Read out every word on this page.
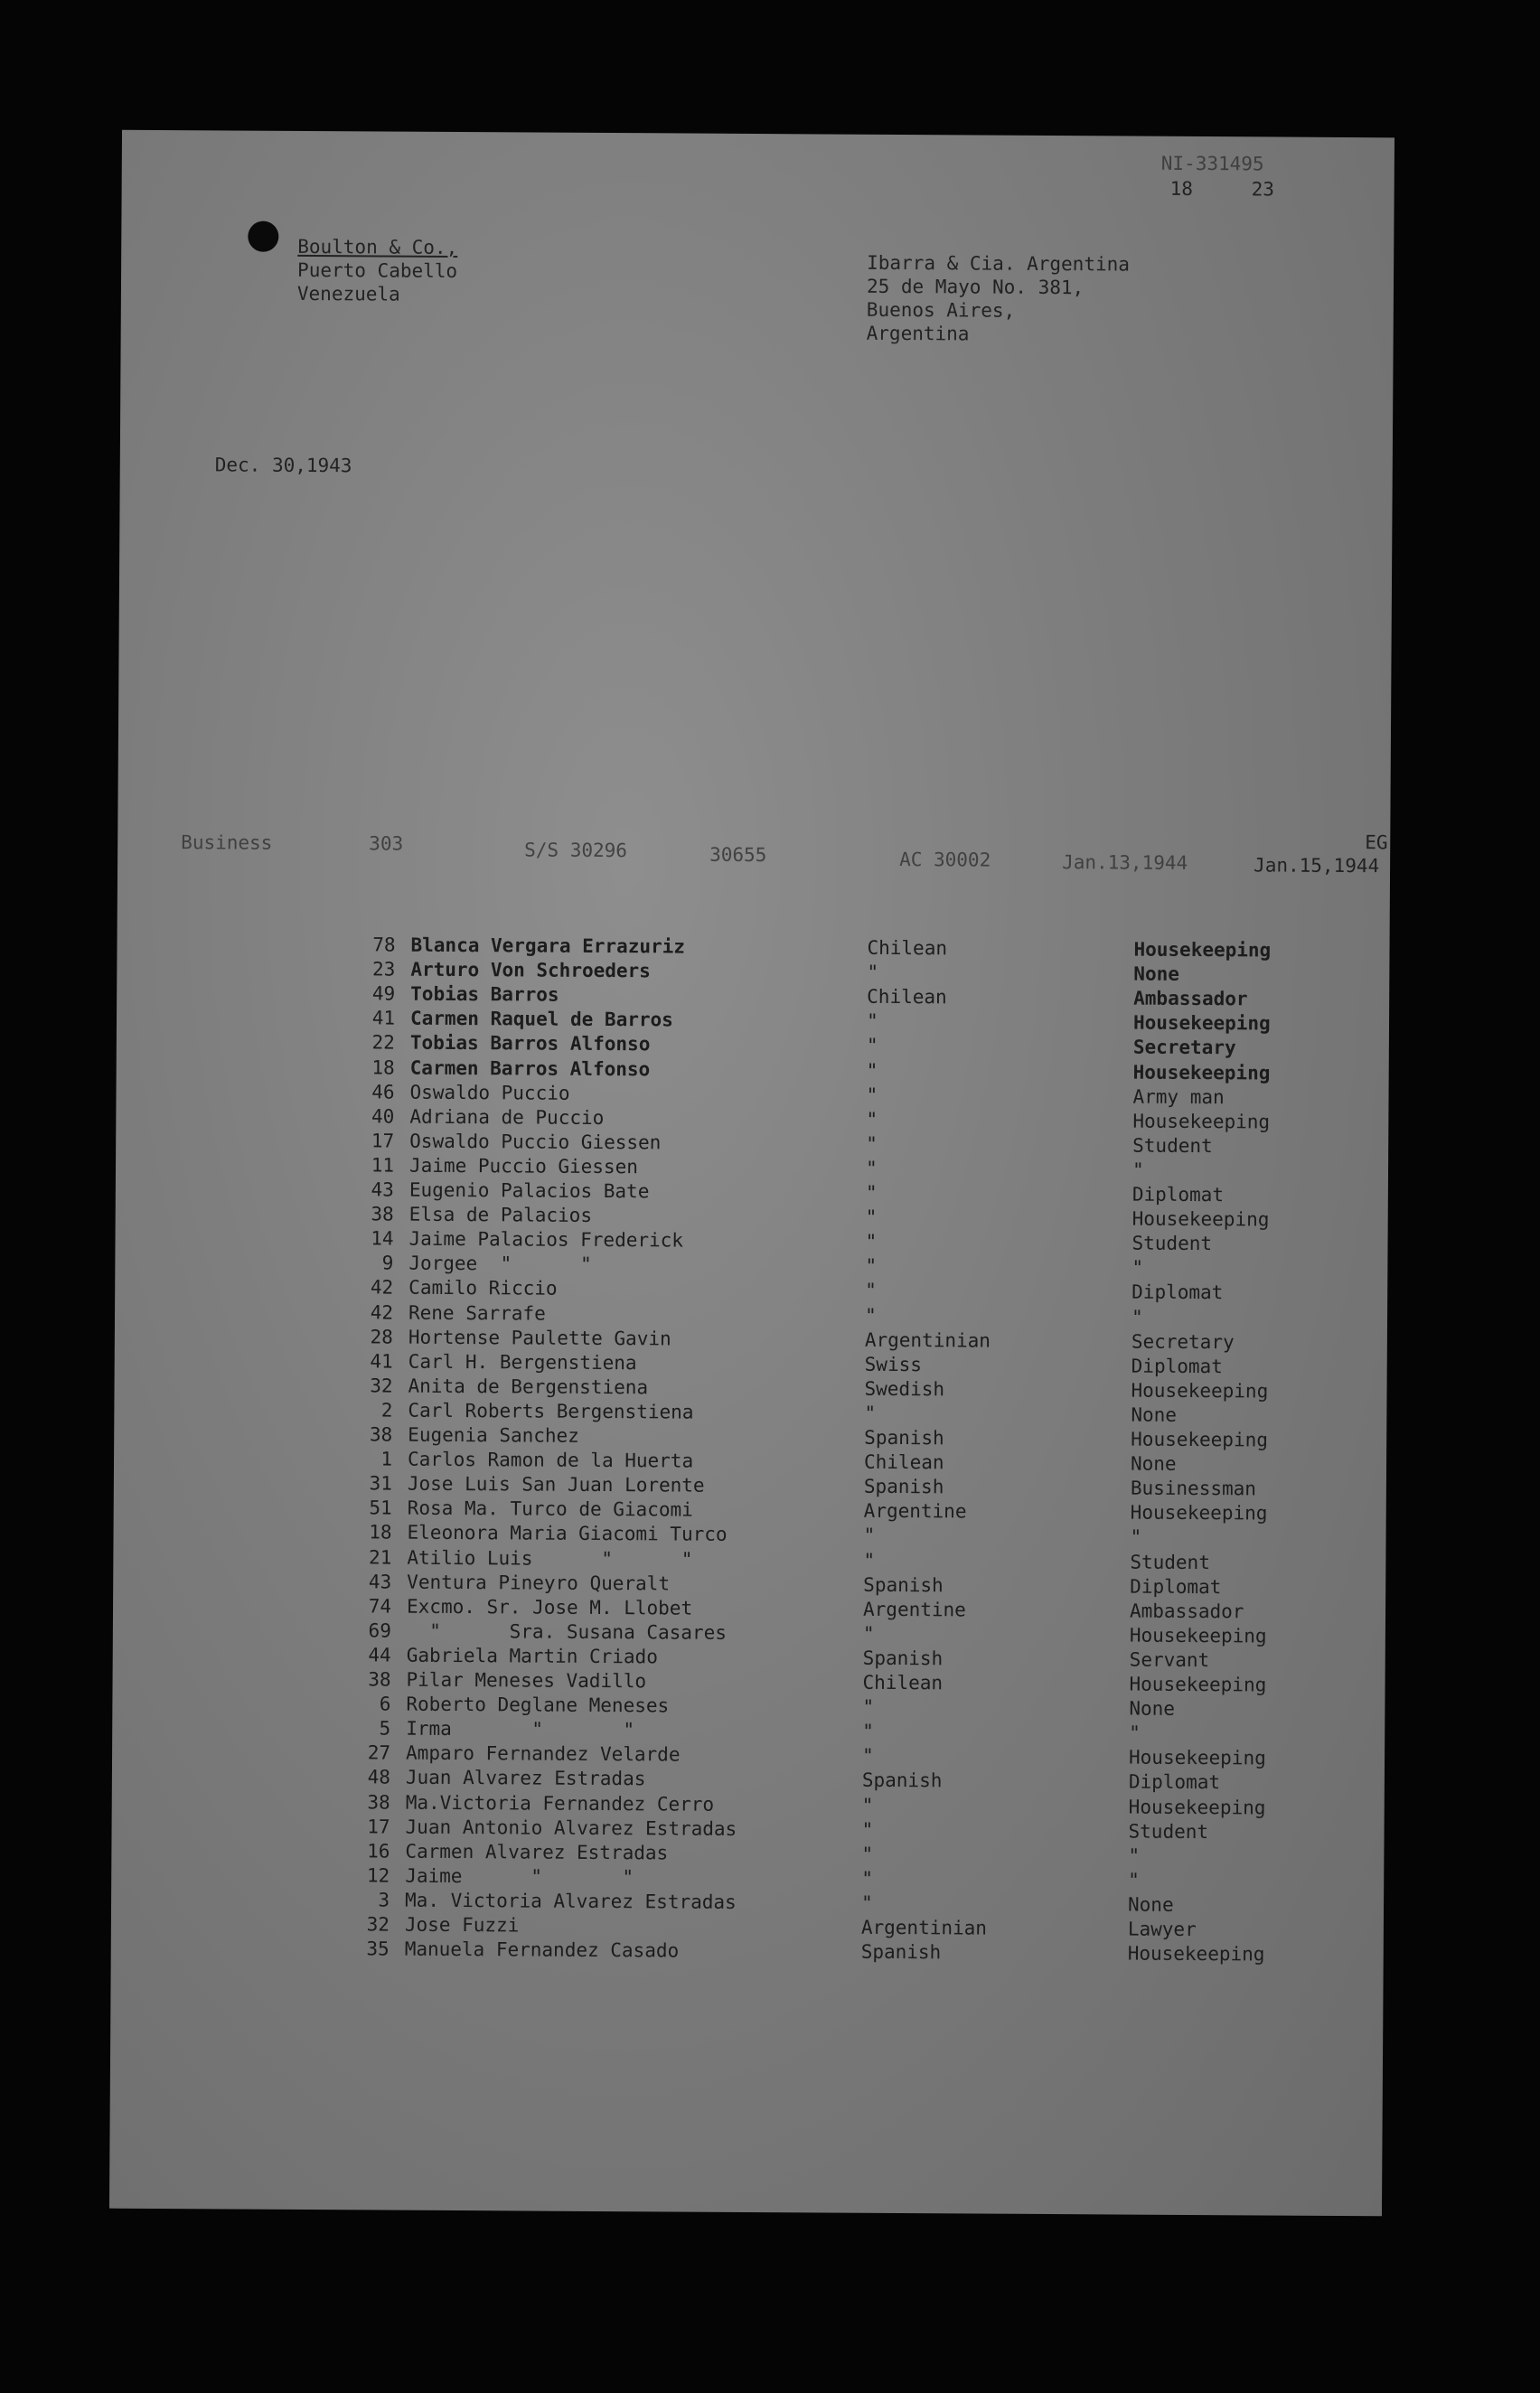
NI-331495
18	23
Boulton & Co.,
Puerto Cabello
Venezuela
Ibarra & Cia. Argentina
25 de Mayo No. 381,
Buenos Aires,
Argentina
Dec. 30,1943
Business	303	S/S 30296	30655	AC 30002	Jan.13,1944	Jan.15,1944
EG
78 Blanca Vergara Errazuriz	Chilean	Housekeeping
23 Arturo Von Schroeders	"	None
49 Tobias Barros	Chilean	Ambassador
41 Carmen Raquel de Barros	"	Housekeeping
22 Tobias Barros Alfonso	"	Secretary
18 Carmen Barros Alfonso	"	Housekeeping
46 Oswaldo Puccio	"	Army man
40 Adriana de Puccio	"	Housekeeping
17 Oswaldo Puccio Giessen	"	Student
11 Jaime Puccio Giessen	"	"
43 Eugenio Palacios Bate	"	Diplomat
38 Elsa de Palacios	"	Housekeeping
14 Jaime Palacios Frederick	"	Student
9 Jorgee  "      "	"	"
42 Camilo Riccio	"	Diplomat
42 Rene Sarrafe	"	"
28 Hortense Paulette Gavin	Argentinian	Secretary
41 Carl H. Bergenstiena	Swiss	Diplomat
32 Anita de Bergenstiena	Swedish	Housekeeping
2 Carl Roberts Bergenstiena	"	None
38 Eugenia Sanchez	Spanish	Housekeeping
1 Carlos Ramon de la Huerta	Chilean	None
31 Jose Luis San Juan Lorente	Spanish	Businessman
51 Rosa Ma. Turco de Giacomi	Argentine	Housekeeping
18 Eleonora Maria Giacomi Turco	"	"
21 Atilio Luis      "      "	"	Student
43 Ventura Pineyro Queralt	Spanish	Diplomat
74 Excmo. Sr. Jose M. Llobet	Argentine	Ambassador
69 "      Sra. Susana Casares	"	Housekeeping
44 Gabriela Martin Criado	Spanish	Servant
38 Pilar Meneses Vadillo	Chilean	Housekeeping
6 Roberto Deglane Meneses	"	None
5 Irma       "       "	"	"
27 Amparo Fernandez Velarde	"	Housekeeping
48 Juan Alvarez Estradas	Spanish	Diplomat
38 Ma.Victoria Fernandez Cerro	"	Housekeeping
17 Juan Antonio Alvarez Estradas	"	Student
16 Carmen Alvarez Estradas	"	"
12 Jaime      "       "	"	"
3 Ma. Victoria Alvarez Estradas	"	None
32 Jose Fuzzi	Argentinian	Lawyer
35 Manuela Fernandez Casado	Spanish	Housekeeping
